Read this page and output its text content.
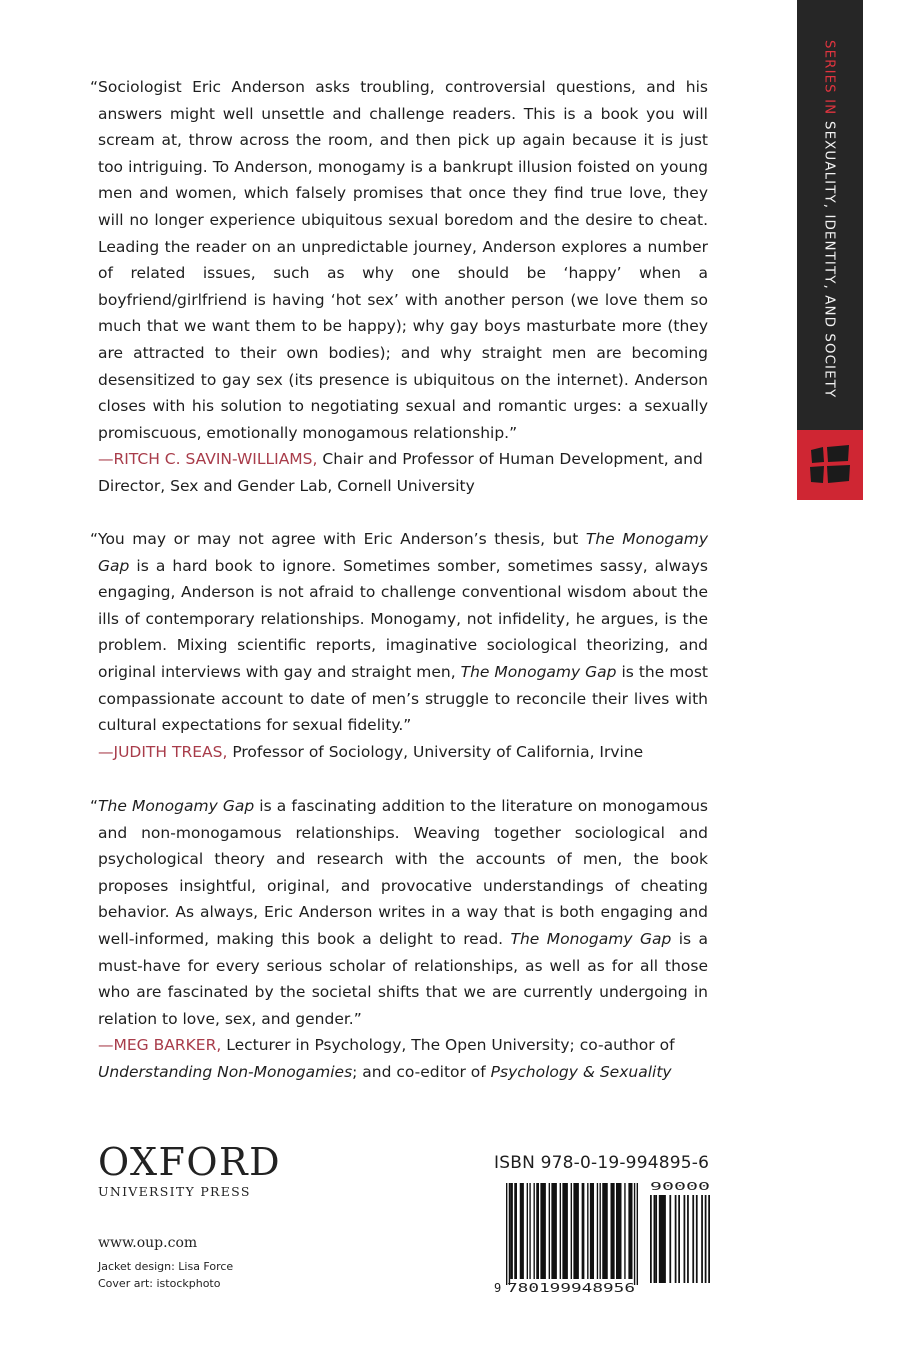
SERIES IN

SEXUALITY, IDENTITY, AND SOCIETY

“Sociologist Eric Anderson asks troubling, controversial questions, and his answers might well unsettle and challenge readers. This is a book you will scream at, throw across the room, and then pick up again because it is just too intriguing. To Anderson, monogamy is a bankrupt illusion foisted on young men and women, which falsely promises that once they find true love, they will no longer experience ubiquitous sexual boredom and the desire to cheat. Leading the reader on an unpredictable journey, Anderson explores a number of related issues, such as why one should be ‘happy’ when a boyfriend/girlfriend is having ‘hot sex’ with another person (we love them so much that we want them to be happy); why gay boys masturbate more (they are attracted to their own bodies); and why straight men are becoming desensitized to gay sex (its presence is ubiquitous on the internet). Anderson closes with his solution to negotiating sexual and romantic urges: a sexually promiscuous, emotionally monogamous relationship.”

—RITCH C. SAVIN-WILLIAMS, Chair and Professor of Human Development, and Director, Sex and Gender Lab, Cornell University

“You may or may not agree with Eric Anderson’s thesis, but The Monogamy Gap is a hard book to ignore. Sometimes somber, sometimes sassy, always engaging, Anderson is not afraid to challenge conventional wisdom about the ills of contemporary relationships. Monogamy, not infidelity, he argues, is the problem. Mixing scientific reports, imaginative sociological theorizing, and original interviews with gay and straight men, The Monogamy Gap is the most compassionate account to date of men’s struggle to reconcile their lives with cultural expectations for sexual fidelity.”

—JUDITH TREAS, Professor of Sociology, University of California, Irvine

“The Monogamy Gap is a fascinating addition to the literature on monogamous and non-monogamous relationships. Weaving together sociological and psychological theory and research with the accounts of men, the book proposes insightful, original, and provocative understandings of cheating behavior. As always, Eric Anderson writes in a way that is both engaging and well-informed, making this book a delight to read. The Monogamy Gap is a must-have for every serious scholar of relationships, as well as for all those who are fascinated by the societal shifts that we are currently undergoing in relation to love, sex, and gender.”

—MEG BARKER, Lecturer in Psychology, The Open University; co-author of Understanding Non-Monogamies; and co-editor of Psychology & Sexuality

OXFORD
UNIVERSITY PRESS
www.oup.com
Jacket design: Lisa Force
Cover art: istockphoto
ISBN 978-0-19-994895-6
9 780199948956
90000
